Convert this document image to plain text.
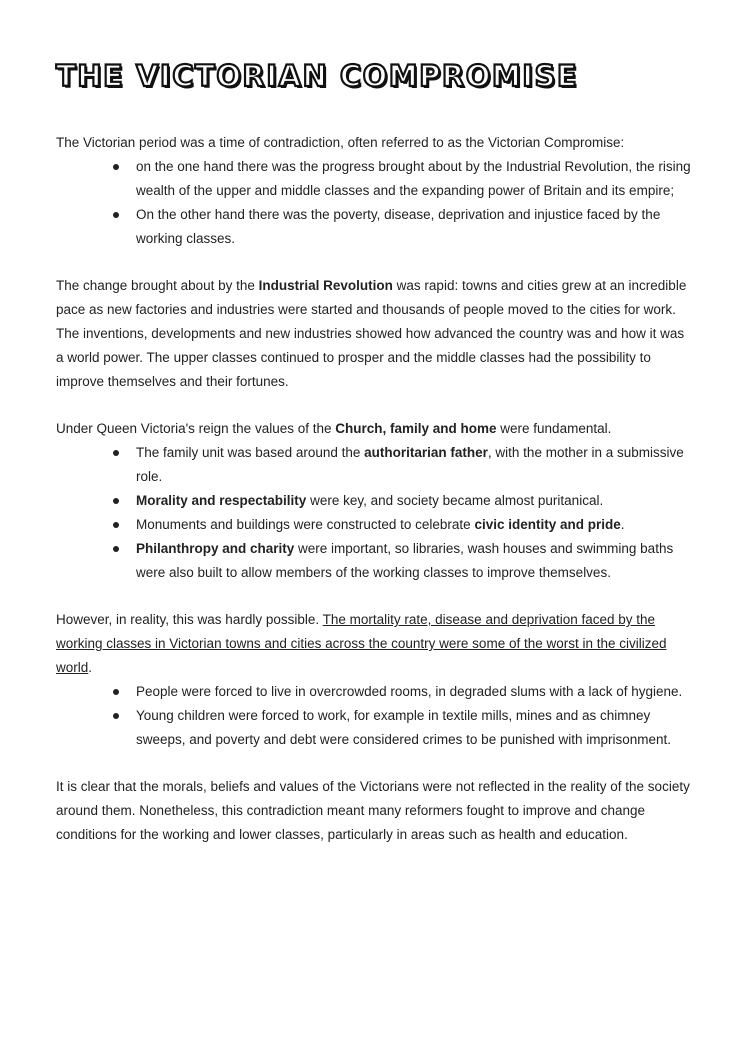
THE VICTORIAN COMPROMISE

The Victorian period was a time of contradiction, often referred to as the Victorian Compromise:

on the one hand there was the progress brought about by the Industrial Revolution, the rising wealth of the upper and middle classes and the expanding power of Britain and its empire;
On the other hand there was the poverty, disease, deprivation and injustice faced by the working classes.

The change brought about by the Industrial Revolution was rapid: towns and cities grew at an incredible pace as new factories and industries were started and thousands of people moved to the cities for work. The inventions, developments and new industries showed how advanced the country was and how it was a world power. The upper classes continued to prosper and the middle classes had the possibility to improve themselves and their fortunes.

Under Queen Victoria's reign the values of the Church, family and home were fundamental.

The family unit was based around the authoritarian father, with the mother in a submissive role.
Morality and respectability were key, and society became almost puritanical.
Monuments and buildings were constructed to celebrate civic identity and pride.
Philanthropy and charity were important, so libraries, wash houses and swimming baths were also built to allow members of the working classes to improve themselves.

However, in reality, this was hardly possible. The mortality rate, disease and deprivation faced by the working classes in Victorian towns and cities across the country were some of the worst in the civilized world.

People were forced to live in overcrowded rooms, in degraded slums with a lack of hygiene.
Young children were forced to work, for example in textile mills, mines and as chimney sweeps, and poverty and debt were considered crimes to be punished with imprisonment.

It is clear that the morals, beliefs and values of the Victorians were not reflected in the reality of the society around them. Nonetheless, this contradiction meant many reformers fought to improve and change conditions for the working and lower classes, particularly in areas such as health and education.
